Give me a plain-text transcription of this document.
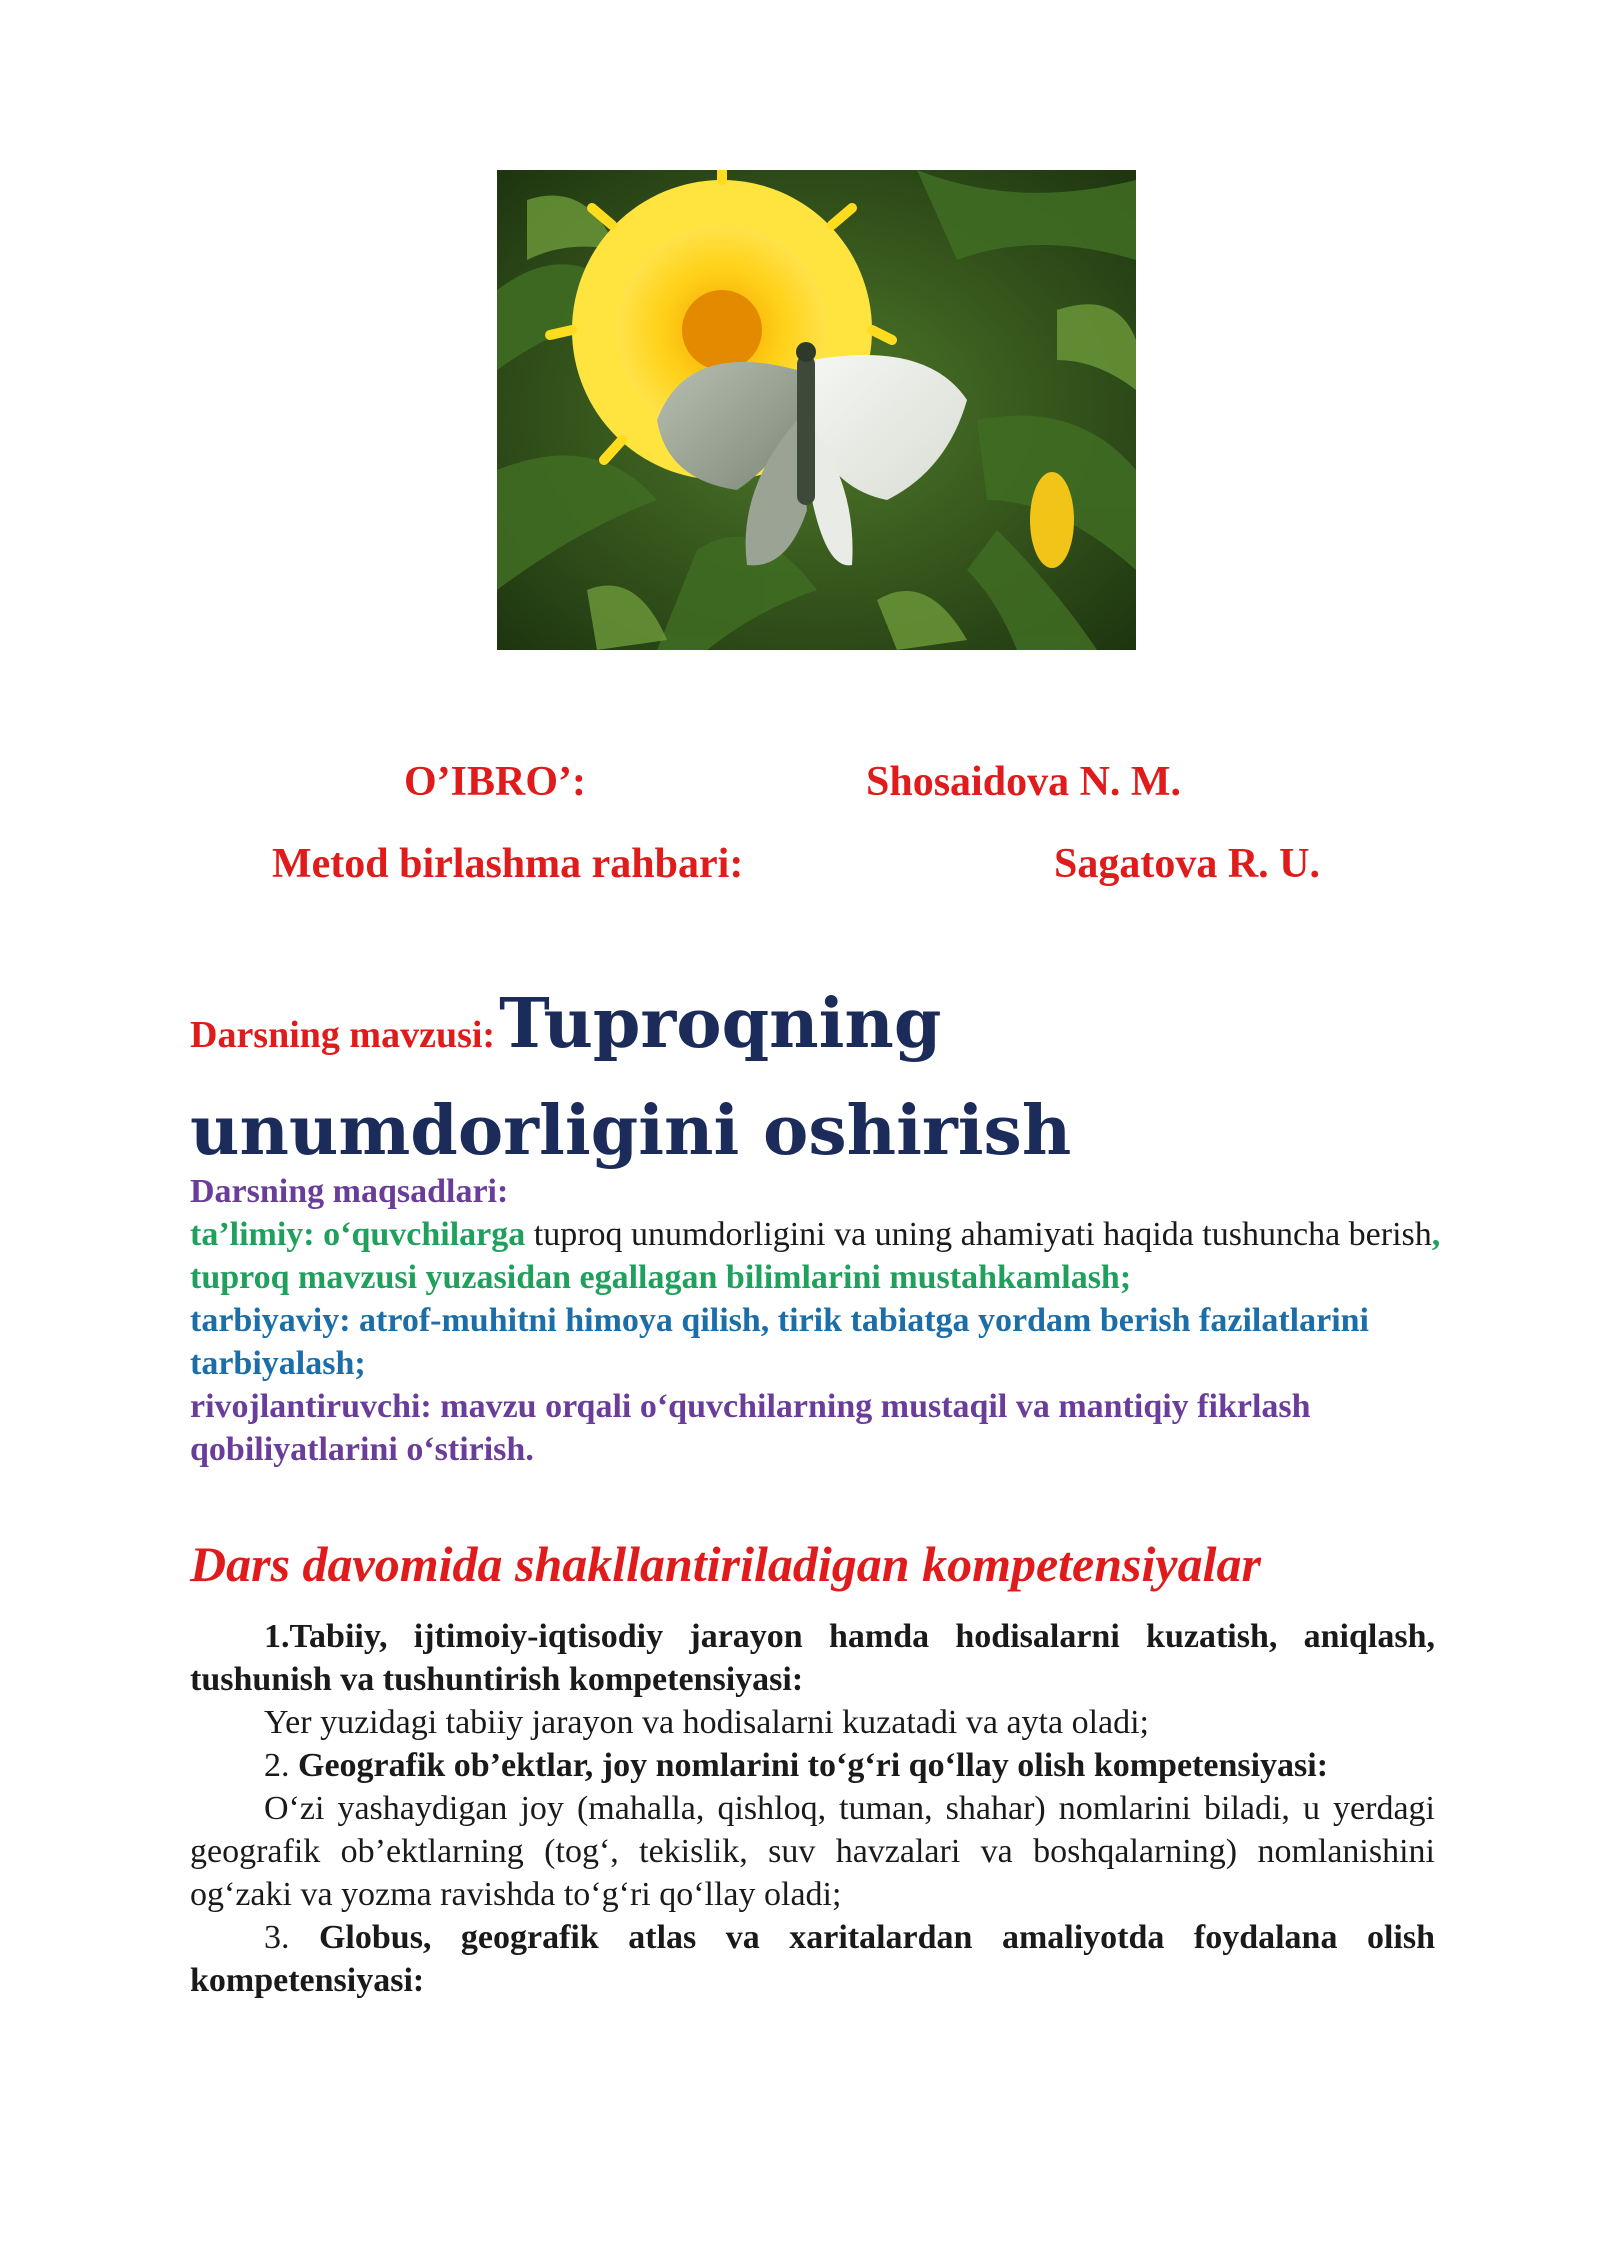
O’IBRO’:	Shosaidova N. M.
Metod birlashma rahbari:	Sagatova R. U.
Darsning mavzusi: Tuproqning unumdorligini oshirish
Darsning maqsadlari:
ta’limiy: o‘quvchilarga tuproq unumdorligini va uning ahamiyati haqida tushuncha berish, tuproq mavzusi yuzasidan egallagan bilimlarini mustahkamlash;
tarbiyaviy: atrof-muhitni himoya qilish, tirik tabiatga yordam berish fazilatlarini tarbiyalash;
rivojlantiruvchi: mavzu orqali o‘quvchilarning mustaqil va mantiqiy fikrlash qobiliyatlarini o‘stirish.
Dars davomida shakllantiriladigan kompetensiyalar

1.Tabiiy, ijtimoiy-iqtisodiy jarayon hamda hodisalarni kuzatish, aniqlash, tushunish va tushuntirish kompetensiyasi:

Yer yuzidagi tabiiy jarayon va hodisalarni kuzatadi va ayta oladi;

2. Geografik ob’ektlar, joy nomlarini to‘g‘ri qo‘llay olish kompetensiyasi:

O‘zi yashaydigan joy (mahalla, qishloq, tuman, shahar) nomlarini biladi, u yerdagi geografik ob’ektlarning (tog‘, tekislik, suv havzalari va boshqalarning) nomlanishini og‘zaki va yozma ravishda to‘g‘ri qo‘llay oladi;

3. Globus, geografik atlas va xaritalardan amaliyotda foydalana olish kompetensiyasi:
